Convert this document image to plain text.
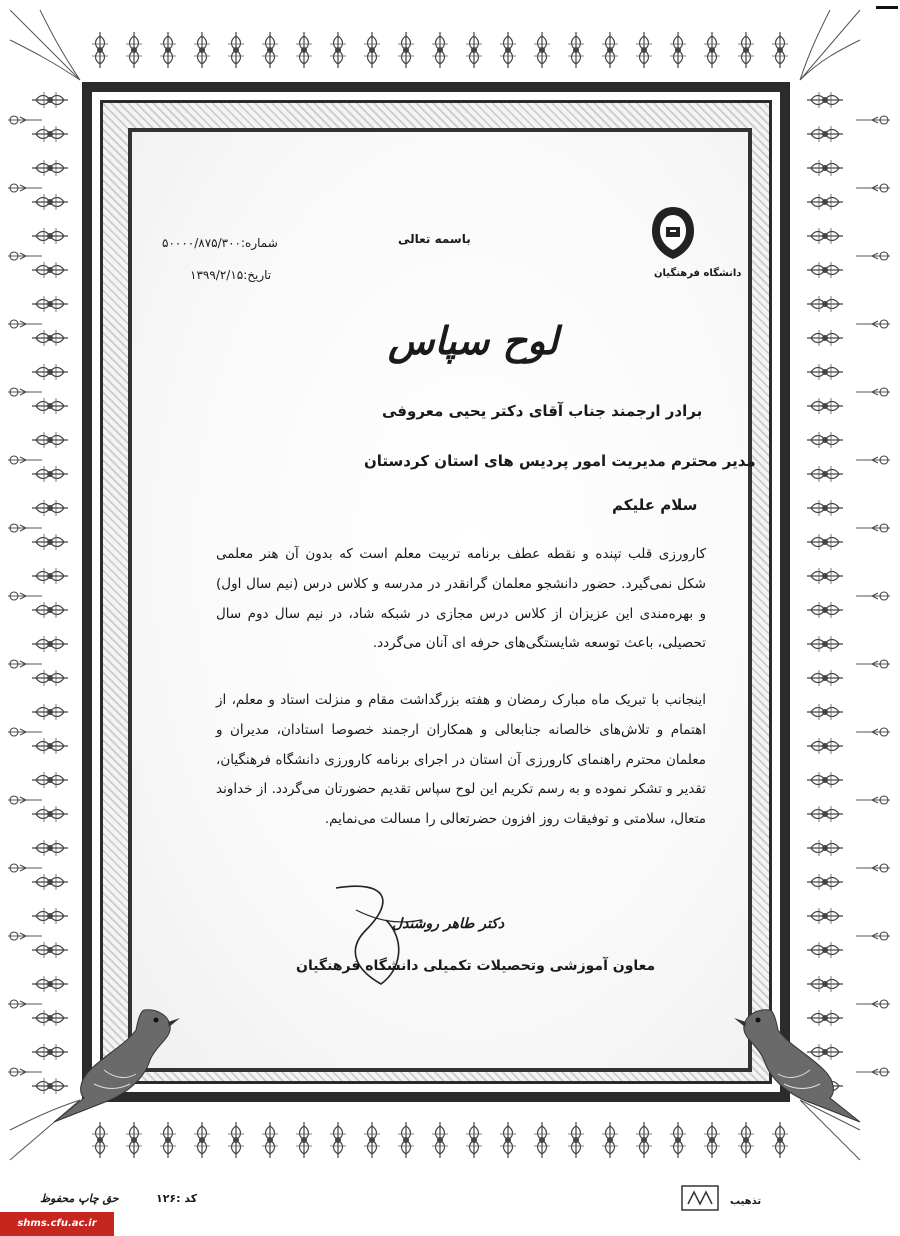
دانشگاه فرهنگیان
باسمه تعالی
شماره:۵۰۰۰۰/۸۷۵/۳۰۰
تاریخ:۱۳۹۹/۲/۱۵
لوح سپاس
برادر ارجمند جناب آقای دکتر یحیی معروفی
مدیر محترم مدیریت امور پردیس های استان کردستان
سلام علیکم
کارورزی قلب تپنده و نقطه عطف برنامه تربیت معلم است که بدون آن هنر معلمی شکل نمی‌گیرد. حضور دانشجو معلمان گرانقدر در مدرسه و کلاس درس (نیم سال اول) و بهره‌مندی این عزیزان از کلاس درس مجازی در شبکه شاد، در نیم سال دوم سال تحصیلی، باعث توسعه شایستگی‌های حرفه ای آنان می‌گردد.
اینجانب با تبریک ماه مبارک رمضان و هفته بزرگداشت مقام و منزلت استاد و معلم، از اهتمام و تلاش‌های خالصانه جنابعالی و همکاران ارجمند خصوصا استادان، مدیران و معلمان محترم راهنمای کارورزی آن استان در اجرای برنامه کارورزی دانشگاه فرهنگیان، تقدیر و تشکر نموده و به رسم تکریم این لوح سپاس تقدیم حضورتان می‌گردد. از خداوند متعال، سلامتی و توفیقات روز افزون حضرتعالی را مسالت می‌نمایم.
دکتر طاهر روشندل
معاون آموزشی وتحصیلات تکمیلی دانشگاه فرهنگیان
حق چاپ محفوظ	کد :۱۲۶	تذهیب
shms.cfu.ac.ir
